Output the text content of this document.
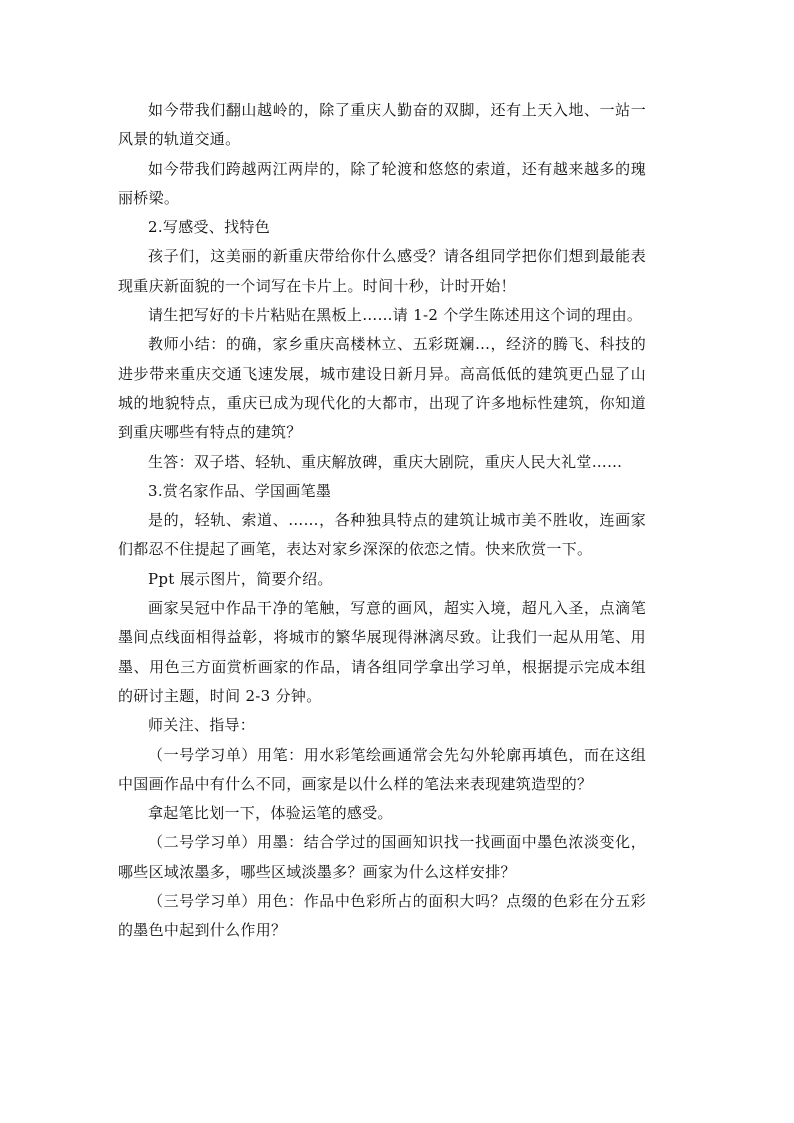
如今带我们翻山越岭的，除了重庆人勤奋的双脚，还有上天入地、一站一风景的轨道交通。

如今带我们跨越两江两岸的，除了轮渡和悠悠的索道，还有越来越多的瑰丽桥梁。

2.写感受、找特色

孩子们，这美丽的新重庆带给你什么感受？请各组同学把你们想到最能表现重庆新面貌的一个词写在卡片上。时间十秒，计时开始！

请生把写好的卡片粘贴在黑板上……请 1-2 个学生陈述用这个词的理由。

教师小结：的确，家乡重庆高楼林立、五彩斑斓…，经济的腾飞、科技的进步带来重庆交通飞速发展，城市建设日新月异。高高低低的建筑更凸显了山城的地貌特点，重庆已成为现代化的大都市，出现了许多地标性建筑，你知道到重庆哪些有特点的建筑？

生答：双子塔、轻轨、重庆解放碑，重庆大剧院，重庆人民大礼堂……

3.赏名家作品、学国画笔墨

是的，轻轨、索道、……，各种独具特点的建筑让城市美不胜收，连画家们都忍不住提起了画笔，表达对家乡深深的依恋之情。快来欣赏一下。

Ppt 展示图片，简要介绍。

画家吴冠中作品干净的笔触，写意的画风，超实入境，超凡入圣，点滴笔墨间点线面相得益彰，将城市的繁华展现得淋漓尽致。让我们一起从用笔、用墨、用色三方面赏析画家的作品，请各组同学拿出学习单，根据提示完成本组的研讨主题，时间 2-3 分钟。

师关注、指导：

（一号学习单）用笔：用水彩笔绘画通常会先勾外轮廓再填色，而在这组中国画作品中有什么不同，画家是以什么样的笔法来表现建筑造型的？

拿起笔比划一下，体验运笔的感受。

（二号学习单）用墨：结合学过的国画知识找一找画面中墨色浓淡变化，哪些区域浓墨多，哪些区域淡墨多？画家为什么这样安排？

（三号学习单）用色：作品中色彩所占的面积大吗？点缀的色彩在分五彩的墨色中起到什么作用？
